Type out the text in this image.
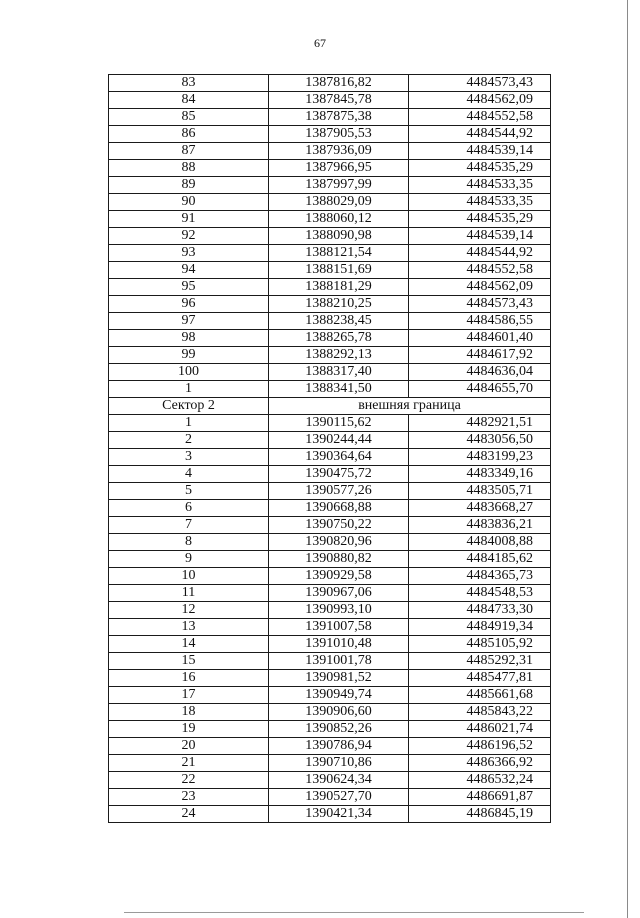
67
83	1387816,82	4484573,43
84	1387845,78	4484562,09
85	1387875,38	4484552,58
86	1387905,53	4484544,92
87	1387936,09	4484539,14
88	1387966,95	4484535,29
89	1387997,99	4484533,35
90	1388029,09	4484533,35
91	1388060,12	4484535,29
92	1388090,98	4484539,14
93	1388121,54	4484544,92
94	1388151,69	4484552,58
95	1388181,29	4484562,09
96	1388210,25	4484573,43
97	1388238,45	4484586,55
98	1388265,78	4484601,40
99	1388292,13	4484617,92
100	1388317,40	4484636,04
1	1388341,50	4484655,70
Сектор 2	внешняя граница	
1	1390115,62	4482921,51
2	1390244,44	4483056,50
3	1390364,64	4483199,23
4	1390475,72	4483349,16
5	1390577,26	4483505,71
6	1390668,88	4483668,27
7	1390750,22	4483836,21
8	1390820,96	4484008,88
9	1390880,82	4484185,62
10	1390929,58	4484365,73
11	1390967,06	4484548,53
12	1390993,10	4484733,30
13	1391007,58	4484919,34
14	1391010,48	4485105,92
15	1391001,78	4485292,31
16	1390981,52	4485477,81
17	1390949,74	4485661,68
18	1390906,60	4485843,22
19	1390852,26	4486021,74
20	1390786,94	4486196,52
21	1390710,86	4486366,92
22	1390624,34	4486532,24
23	1390527,70	4486691,87
24	1390421,34	4486845,19
